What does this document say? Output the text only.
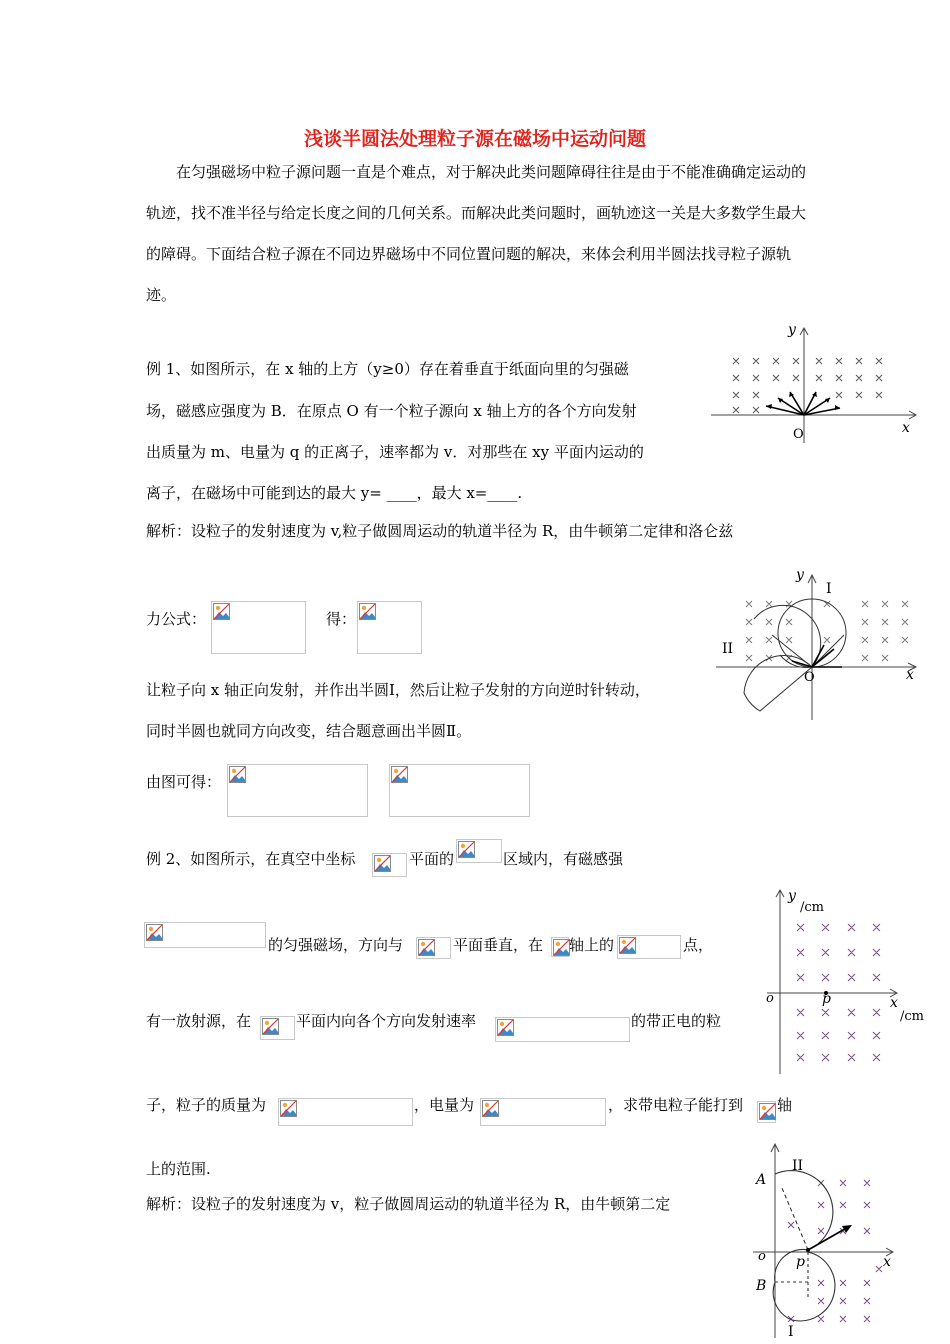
浅谈半圆法处理粒子源在磁场中运动问题
在匀强磁场中粒子源问题一直是个难点，对于解决此类问题障碍往往是由于不能准确确定运动的轨迹，找不准半径与给定长度之间的几何关系。而解决此类问题时，画轨迹这一关是大多数学生最大的障碍。下面结合粒子源在不同边界磁场中不同位置问题的解决，来体会利用半圆法找寻粒子源轨迹。
例 1、如图所示，在 x 轴的上方（y≥0）存在着垂直于纸面向里的匀强磁
场，磁感应强度为 B．在原点 O 有一个粒子源向 x 轴上方的各个方向发射
出质量为 m、电量为 q 的正离子，速率都为 v．对那些在 xy 平面内运动的
离子，在磁场中可能到达的最大 y= ____，最大 x=____.
解析：设粒子的发射速度为 v,粒子做圆周运动的轨道半径为 R，由牛顿第二定律和洛仑兹
力公式：	得：
让粒子向 x 轴正向发射，并作出半圆Ⅰ，然后让粒子发射的方向逆时针转动，
同时半圆也就同方向改变，结合题意画出半圆Ⅱ。
由图可得：
例 2、如图所示，在真空中坐标	平面的	区域内，有磁感强
的匀强磁场，方向与	平面垂直，在 轴上的	点，
有一放射源，在	平面内向各个方向发射速率	的带正电的粒
子，粒子的质量为	，电量为	，求带电粒子能打到 轴
上的范围.
解析：设粒子的发射速度为 v，粒子做圆周运动的轨道半径为 R，由牛顿第二定
y
x
O
y
x
O
I
II
y
/cm
x
/cm
o	p
A
B
p
o	x
II
I
